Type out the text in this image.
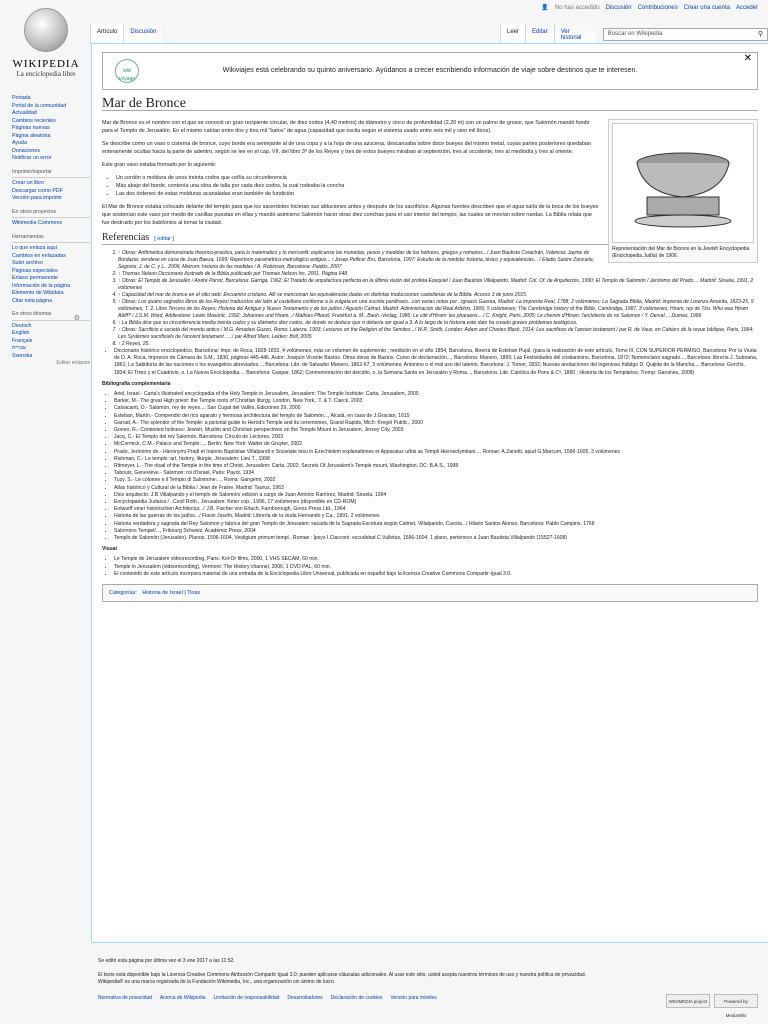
WIKIPEDIA
La enciclopedia libre
👤 No has accedido Discusión Contribuciones Crear una cuenta Acceder
Artículo	Discusión	Leer	Editar	Ver historial
Buscar en Wikipedia	⚲
Portada
Portal de la comunidad
Actualidad
Cambios recientes
Páginas nuevas
Página aleatoria
Ayuda
Donaciones
Notificar un error
Imprimir/exportar
Crear un libro
Descargar como PDF
Versión para imprimir
En otros proyectos
Wikimedia Commons
Herramientas
Lo que enlaza aquí
Cambios en enlazadas
Subir archivo
Páginas especiales
Enlace permanente
Información de la página
Elemento de Wikidata
Citar esta página
En otros idiomas
⚙
Deutsch
English
Français
עברית
Svenska
Editar enlaces
wiki voyage
Wikiviajes está celebrando su quinto aniversario. Ayúdanos a crecer escribiendo información de viaje sobre destinos que te interesen.
✕
Mar de Bronce
Representación del Mar de Bronce en la Jewish Encyclopedia (Enciclopedia Judía) de 1906.

Mar de Bronce es el nombre con el que se conoció un gran recipiente circular, de diez codos (4,40 metros) de diámetro y cinco de profundidad (2,20 m) con un palmo de grosor, que Salomón mandó fundir para el Templo de Jerusalén. En el mismo cabían entre dos y tres mil "batos" de agua (capacidad que oscila según el sistema usado entre seis mil y cien mil litros).

Se describe como un vaso o cisterna de bronce, cuyo borde era semejante al de una copa y a la hoja de una azucena, descansaba sobre doce bueyes del mismo metal, cuyas partes posteriores quedaban enteramente ocultas hacia la parte de adentro, según se lee en el cap. VII, del libro 3º de los Reyes y tres de estos bueyes miraban al septentrión, tres al occidente, tres al mediodía y tres al oriente.

Este gran vaso estaba formado por lo siguiente:

• Un cordón o moldura de unos treinta codos que ceñía su circunferencia
• Más abajo del borde, contenía una obra de talla por cada diez codos, la cual rodeaba la concha
• Las dos órdenes de estas molduras acanaladas eran también de fundición

El Mar de Bronce estaba colocado delante del templo para que los sacerdotes hicieran sus abluciones antes y después de los sacrificios. Algunas fuentes describen que el agua salía de la boca de los bueyes que sostenían este vaso por medio de canillas puestas en ellas y mandó asimismo Salomón hacer otras diez conchas para el uso interior del templo, las cuales se movían sobre ruedas. La Biblia relata que fue destruido por los babilonios al tomar la ciudad.

Referencias [ editar ]
1. ↑ Obras: Arithmetica demonstrada theorico-practica, para lo matematico y lo mercantil: explicanse las monedas, pesos y medidas de los hebreos, griegos y romanos.../ Juan Bautista Corachán, Valencia: Jayme de Bordazar, vendese en casa de Juan Baeza, 1699; Repertorio paramétrico-metrológico antiguo... / Josep Pellicer Bru, Barcelona, 1997; Estudio de la medida: historia, léxico y equivalencias... / Eladio Sastre Zarzuela, Segovia: J. de C. y L., 2006; Metrum: historia de las medidas / A. Robinson, Barcelona: Paidós, 2007
2. ↑ Thomas Nelson Diccionario ilustrado de la Biblia publicado por Thomas Nelson Inc, 2001. Página 648
3. ↑ Obras: El Templo de Jerusalén / André Parrot, Barcelona: Garriga, 1962; El Tratado de arquitectura perfecta en la última visión del profeta Ezequiel / Juan Bautista Villalpando, Madrid: Col. Of. de Arquitectos, 1990; El Templo de Salomón / Jerónimo del Prado..., Madrid: Siruela, 1991, 2 volúmenes
4. ↑ Capacidad del mar de bronce en el sitio web: Encuentro cristiano. Allí se mencionan las equivalencias dadas en distintas traducciones castellanas de la Biblia. Acceso 3 de junio 2015.
5. ↑ Obras: Los quatro sagrados libros de los Reyes/ traducidos del latín al castellano conforme á la vulgata en una sucinta paráfrasis...con varias notas por...Ignacio Guerea, Madrid: La Imprenta Real, 1788, 2 volúmenes; La Sagrada Biblia, Madrid: imprenta de Lorenzo Amarita, 1823-25, 9 volúmenes, T. 2. Libro Tercero de los Reyes; Historia del Antiguo y Nuevo Testamento y de los judíos / Agustín Calmet, Madrid: Administración del Real Arbitrio, 1806, 5 volúmenes; The Cambridge history of the Bible, Cambridge, 1987, 3 volúmenes; Hiram, rey de Tiro. Who was Hiram Abiff? / J.S.M. Ward, Addlestone: Lewis Masonic, 1992; Johannes und Hiram.../ Mathias Pflanzl, Frankfurt a. M., Bauh.-Verlag, 1986; Le cité d'Hiram: les pharaons..../ C. Knight, Paris, 2005; Le chemin d'Hiram: l'architecte du roi Salomon / Y. Derval..., Dumas, 1996
6. ↑ La Biblia dice que su circunferencia medía treinta codos y su diámetro diez codos, de donde se deduce que π debería ser igual a 3. A lo largo de la historia este dato ha creado graves problemas teológicos.
7. ↑ Obras: Sacrificio e società del mondo antico / M.G. Amadasi Guzzo, Roma: Laterza, 1993; Lectures on the Religion of the Semites.../ W.R. Smith, London: Adam and Charles Black, 1914; Les sacrifices de l'ancien testament / par R. de Vaux, en Cahiers de la revue biblique, Paris, 1964; Les Systèmes sacrificiels de l'ancient testament ...../ par Alfred Marx, Leiden: Brill, 2005
8. ↑ 2 Reyes, 25.
• Diccionario histórico enciclopédico, Barcelona: Impr. de Roca, 1828-1833, 4 volúmenes, más un volumen de suplemento ; reedición en el año 1854, Barcelona, librería de Esteban Pujal, (para la realización de este artículo, Tomo III, CON SUPERIOR PERMISO, Barcelona: Por la Viuda de D. A. Roca, Impresor de Cámara de S.M., 1830, páginas 445-446. Autor: Joaquín Vicente Bastús. Otras obras de Bastús: Curso de declamación..., Barcelona: Manero, 1865; Las Festividades del cristianismo, Barcelona, 1872; Nomenclator sagrado..., Barcelona: librería J. Subirana, 1861; La Sabiduría de las naciones o los evangelios abreviados..., Barcelona: Libr. de Salvador Manero, 1862-67, 3 volúmenes; Antonino o el mal uso del talento, Barcelona: J. Torner, 1832; Nuevas anotaciones del ingenioso hidalgo D. Quijote de la Mancha..., Barcelona: Gorchs, 1834; El Trivio y el Cuadrivio, o, La Nueva Enciclopedia..., Barcelona: Gaspar, 1862; Conmemoración del deicidio, o, la Semana Santa en Jerusalén y Roma..., Barcelona: Libr. Católica de Pons & Cª, 1860 ; Historia de los Templarios, Tremp: Garsineu, 2008)
Bibliografía complementaria
• Ariel, Israel.- Carta's illustrated encyclopedia of the Holy Temple in Jerusalem, Jerusalem: The Temple Institute: Carta, Jerusalem, 2005
• Barker, M.- The great High priest: the Temple roots of Christian liturgy, London, New York,: T. & T. Clarck, 2003
• Calvacanti, O.- Salomón, rey de reyes..., San Cugat del Vallès, Ediciones 29, 2000
• Esteban, Martín.- Compendio del rico aparato y hermosa architectura del templo de Salomón..., Alcalá, en casa de J.Gracian, 1615
• Garrad, A.- The splendor of the Temple: a pictorial guide to Herod's Temple and its ceremonies, Grand Rapids, Mich: Kregel Public., 2000
• Gonen, R.- Contested holiness: Jewish, Muslim and Christian perspectives on the Temple Mount in Jerusalem, Jersey City, 2003
• Jacq, C.- El Templo del rey Salomón, Barcelona: Círculo de Lectores, 2003
• McCormick, C.M.- Palace and Temple:..., Berlin; New York: Walter de Gruyter, 2002
• Prado, Jerónimo de.- Hieronymi Pradi et Ioannis Baptistae Villalpandi e Societate Iesu in Ezechielem explanationes et Apparatus urbis ac Templi Hierosolymitani..., Romae: A.Zanetti, apud G.Marcum, 1596-1605, 3 volúmenes
• Rishman, C.- Le temple: art, history, liturgie, Jérusalem: Lieu T., 1998
• Ritmeyer, L.- The ritual of the Temple in the time of Christ, Jerusalem: Carta, 2002; Secrets Of Jerusalem's Temple mount, Washington, DC: B.A.S., 1998
• Tabouis, Geneviève.- Salomon: roi d'Israel, Paris: Payot, 1934
• Tuzy, S.- Le colonne e il Tempio di Salomone:..., Roma: Gangemi, 2002
• Atlas histórico y Cultural de la Biblia / Jean de Fraine, Madrid: Taurus, 1963
• Dios arquitecto: J.B.Villalpando y el templo de Salomón/ edición a cargo de Juan Antonio Ramírez, Madrid: Siruela, 1994
• Encyclopaedia Judaica /...Cecil Roth., Jerusalem: Keter cop., 1996, 17 volúmenes (disponible en CD-ROM)
• Entwurff einer historischen Architectur.../ J.B. Fischer von Erlach, Farnborough, Gress Press Ltd., 1964
• Historia de las guerras de los judíos.../ Flavio Josefo, Madrid: Librería de la viuda Hernando y Ca., 1891, 2 volúmenes
• Historia verdadera y sagrada del Rey Salomon y fabrica del gran Templo de Jerusalen: sacada de la Sagrada Escritura según Calmet, Villalpando, Cuesta.../ Hilario Santos Alonso, Barcelona: Pablo Campins, 1768
• Salomons Tempel/..., Fribourg Schweiz: Academic Press, 2004
• Templo de Salomón (Jerusalén). Planos. 1596-1604, Vestigium primum templ.. Romae : Ipsys I.Ciacconi: excudebat C.Vulletus, 1596-1604, 1 plano, pertenece a Juan Bautista Villalpando (1552?-1608)
Visual
• Le Temple de Jérusalem videorecording, Paris: Kol-Or films, 2000, 1 VHS SECAM, 60 min.
• Temple in Jerusalem (videorecording), Vermont: The History channel, 2006, 1 DVD PAL, 60 min.
• El contenido de este artículo incorpora material de una entrada de la Enciclopedia Libre Universal, publicada en español bajo la licencia Creative Commons Compartir-Igual 3.0.
Categorías: Historia de Israel | Tinas
Se editó esta página por última vez el 3 ene 2017 a las 11:52.
El texto está disponible bajo la Licencia Creative Commons Atribución Compartir Igual 3.0; pueden aplicarse cláusulas adicionales. Al usar este sitio, usted acepta nuestros términos de uso y nuestra política de privacidad.
Wikipedia® es una marca registrada de la Fundación Wikimedia, Inc., una organización sin ánimo de lucro.
Normativa de privacidad Acerca de Wikipedia Limitación de responsabilidad Desarrolladores Declaración de cookies Versión para móviles
WIKIMEDIA project	Powered by MediaWiki
